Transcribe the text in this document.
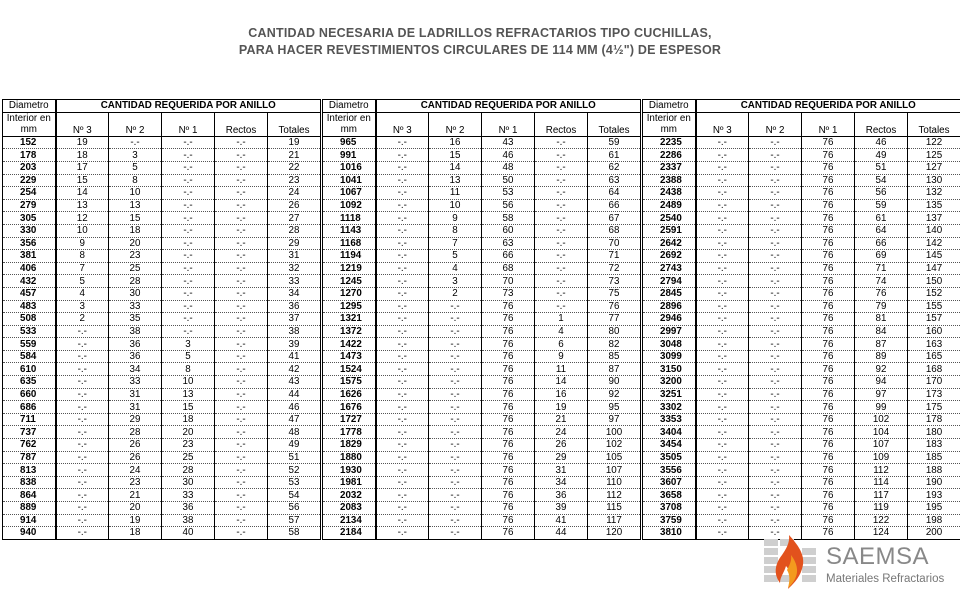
CANTIDAD NECESARIA DE LADRILLOS REFRACTARIOS TIPO CUCHILLAS,
PARA HACER REVESTIMIENTOS CIRCULARES DE 114 MM (4½") DE ESPESOR
Diametro	CANTIDAD REQUERIDA POR ANILLO				
Interior en	Nº 3	Nº 2	Nº 1	Rectos	Totales
mm					
152	19	-.-	-.-	-.-	19
178	18	3	-.-	-.-	21
203	17	5	-.-	-.-	22
229	15	8	-.-	-.-	23
254	14	10	-.-	-.-	24
279	13	13	-.-	-.-	26
305	12	15	-.-	-.-	27
330	10	18	-.-	-.-	28
356	9	20	-.-	-.-	29
381	8	23	-.-	-.-	31
406	7	25	-.-	-.-	32
432	5	28	-.-	-.-	33
457	4	30	-.-	-.-	34
483	3	33	-.-	-.-	36
508	2	35	-.-	-.-	37
533	-.-	38	-.-	-.-	38
559	-.-	36	3	-.-	39
584	-.-	36	5	-.-	41
610	-.-	34	8	-.-	42
635	-.-	33	10	-.-	43
660	-.-	31	13	-.-	44
686	-.-	31	15	-.-	46
711	-.-	29	18	-.-	47
737	-.-	28	20	-.-	48
762	-.-	26	23	-.-	49
787	-.-	26	25	-.-	51
813	-.-	24	28	-.-	52
838	-.-	23	30	-.-	53
864	-.-	21	33	-.-	54
889	-.-	20	36	-.-	56
914	-.-	19	38	-.-	57
940	-.-	18	40	-.-	58
Diametro	CANTIDAD REQUERIDA POR ANILLO				
Interior en	Nº 3	Nº 2	Nº 1	Rectos	Totales
mm					
965	-.-	16	43	-.-	59
991	-.-	15	46	-.-	61
1016	-.-	14	48	-.-	62
1041	-.-	13	50	-.-	63
1067	-.-	11	53	-.-	64
1092	-.-	10	56	-.-	66
1118	-.-	9	58	-.-	67
1143	-.-	8	60	-.-	68
1168	-.-	7	63	-.-	70
1194	-.-	5	66	-.-	71
1219	-.-	4	68	-.-	72
1245	-.-	3	70	-.-	73
1270	-.-	2	73	-.-	75
1295	-.-	-.-	76	-.-	76
1321	-.-	-.-	76	1	77
1372	-.-	-.-	76	4	80
1422	-.-	-.-	76	6	82
1473	-.-	-.-	76	9	85
1524	-.-	-.-	76	11	87
1575	-.-	-.-	76	14	90
1626	-.-	-.-	76	16	92
1676	-.-	-.-	76	19	95
1727	-.-	-.-	76	21	97
1778	-.-	-.-	76	24	100
1829	-.-	-.-	76	26	102
1880	-.-	-.-	76	29	105
1930	-.-	-.-	76	31	107
1981	-.-	-.-	76	34	110
2032	-.-	-.-	76	36	112
2083	-.-	-.-	76	39	115
2134	-.-	-.-	76	41	117
2184	-.-	-.-	76	44	120
Diametro	CANTIDAD REQUERIDA POR ANILLO				
Interior en	Nº 3	Nº 2	Nº 1	Rectos	Totales
mm					
2235	-.-	-.-	76	46	122
2286	-.-	-.-	76	49	125
2337	-.-	-.-	76	51	127
2388	-.-	-.-	76	54	130
2438	-.-	-.-	76	56	132
2489	-.-	-.-	76	59	135
2540	-.-	-.-	76	61	137
2591	-.-	-.-	76	64	140
2642	-.-	-.-	76	66	142
2692	-.-	-.-	76	69	145
2743	-.-	-.-	76	71	147
2794	-.-	-.-	76	74	150
2845	-.-	-.-	76	76	152
2896	-.-	-.-	76	79	155
2946	-.-	-.-	76	81	157
2997	-.-	-.-	76	84	160
3048	-.-	-.-	76	87	163
3099	-.-	-.-	76	89	165
3150	-.-	-.-	76	92	168
3200	-.-	-.-	76	94	170
3251	-.-	-.-	76	97	173
3302	-.-	-.-	76	99	175
3353	-.-	-.-	76	102	178
3404	-.-	-.-	76	104	180
3454	-.-	-.-	76	107	183
3505	-.-	-.-	76	109	185
3556	-.-	-.-	76	112	188
3607	-.-	-.-	76	114	190
3658	-.-	-.-	76	117	193
3708	-.-	-.-	76	119	195
3759	-.-	-.-	76	122	198
3810	-.-	-.-	76	124	200
SAEMSA
Materiales Refractarios
